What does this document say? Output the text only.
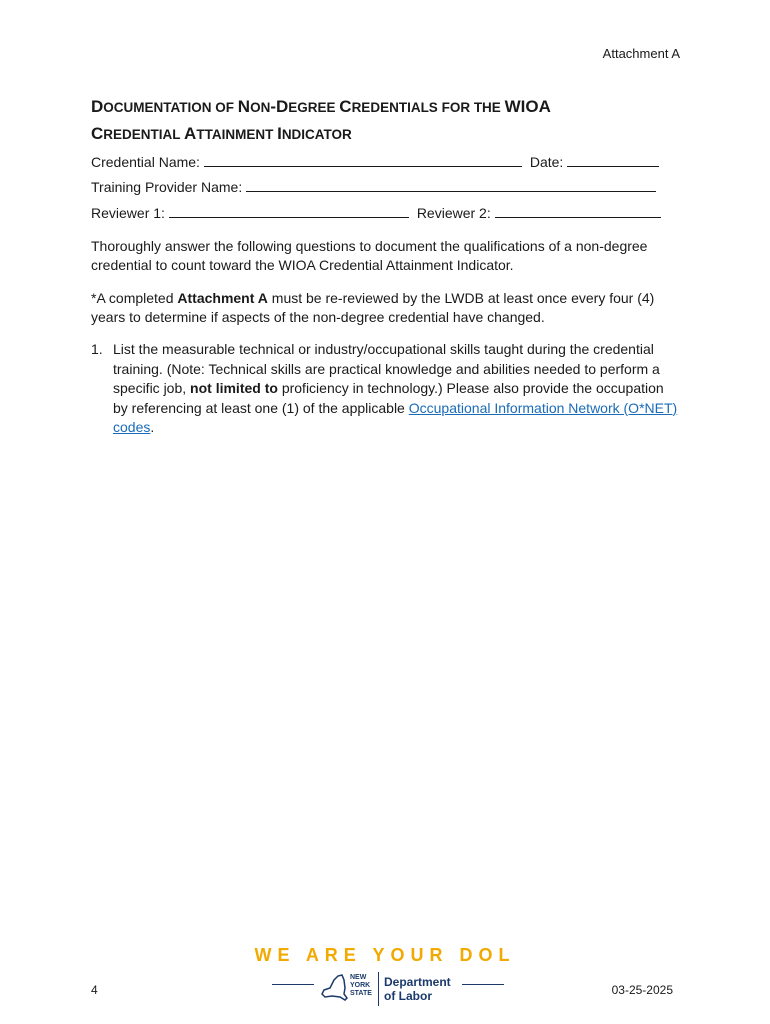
Attachment A
DOCUMENTATION OF NON-DEGREE CREDENTIALS FOR THE WIOA
CREDENTIAL ATTAINMENT INDICATOR
Credential Name:	Date:
Training Provider Name:
Reviewer 1:	Reviewer 2:
Thoroughly answer the following questions to document the qualifications of a non-degree credential to count toward the WIOA Credential Attainment Indicator.
*A completed Attachment A must be re-reviewed by the LWDB at least once every four (4) years to determine if aspects of the non-degree credential have changed.
1. List the measurable technical or industry/occupational skills taught during the credential training. (Note: Technical skills are practical knowledge and abilities needed to perform a specific job, not limited to proficiency in technology.) Please also provide the occupation by referencing at least one (1) of the applicable Occupational Information Network (O*NET) codes.
WE ARE YOUR DOL
4
NEW
YORK
STATE
Department
of Labor	03-25-2025
